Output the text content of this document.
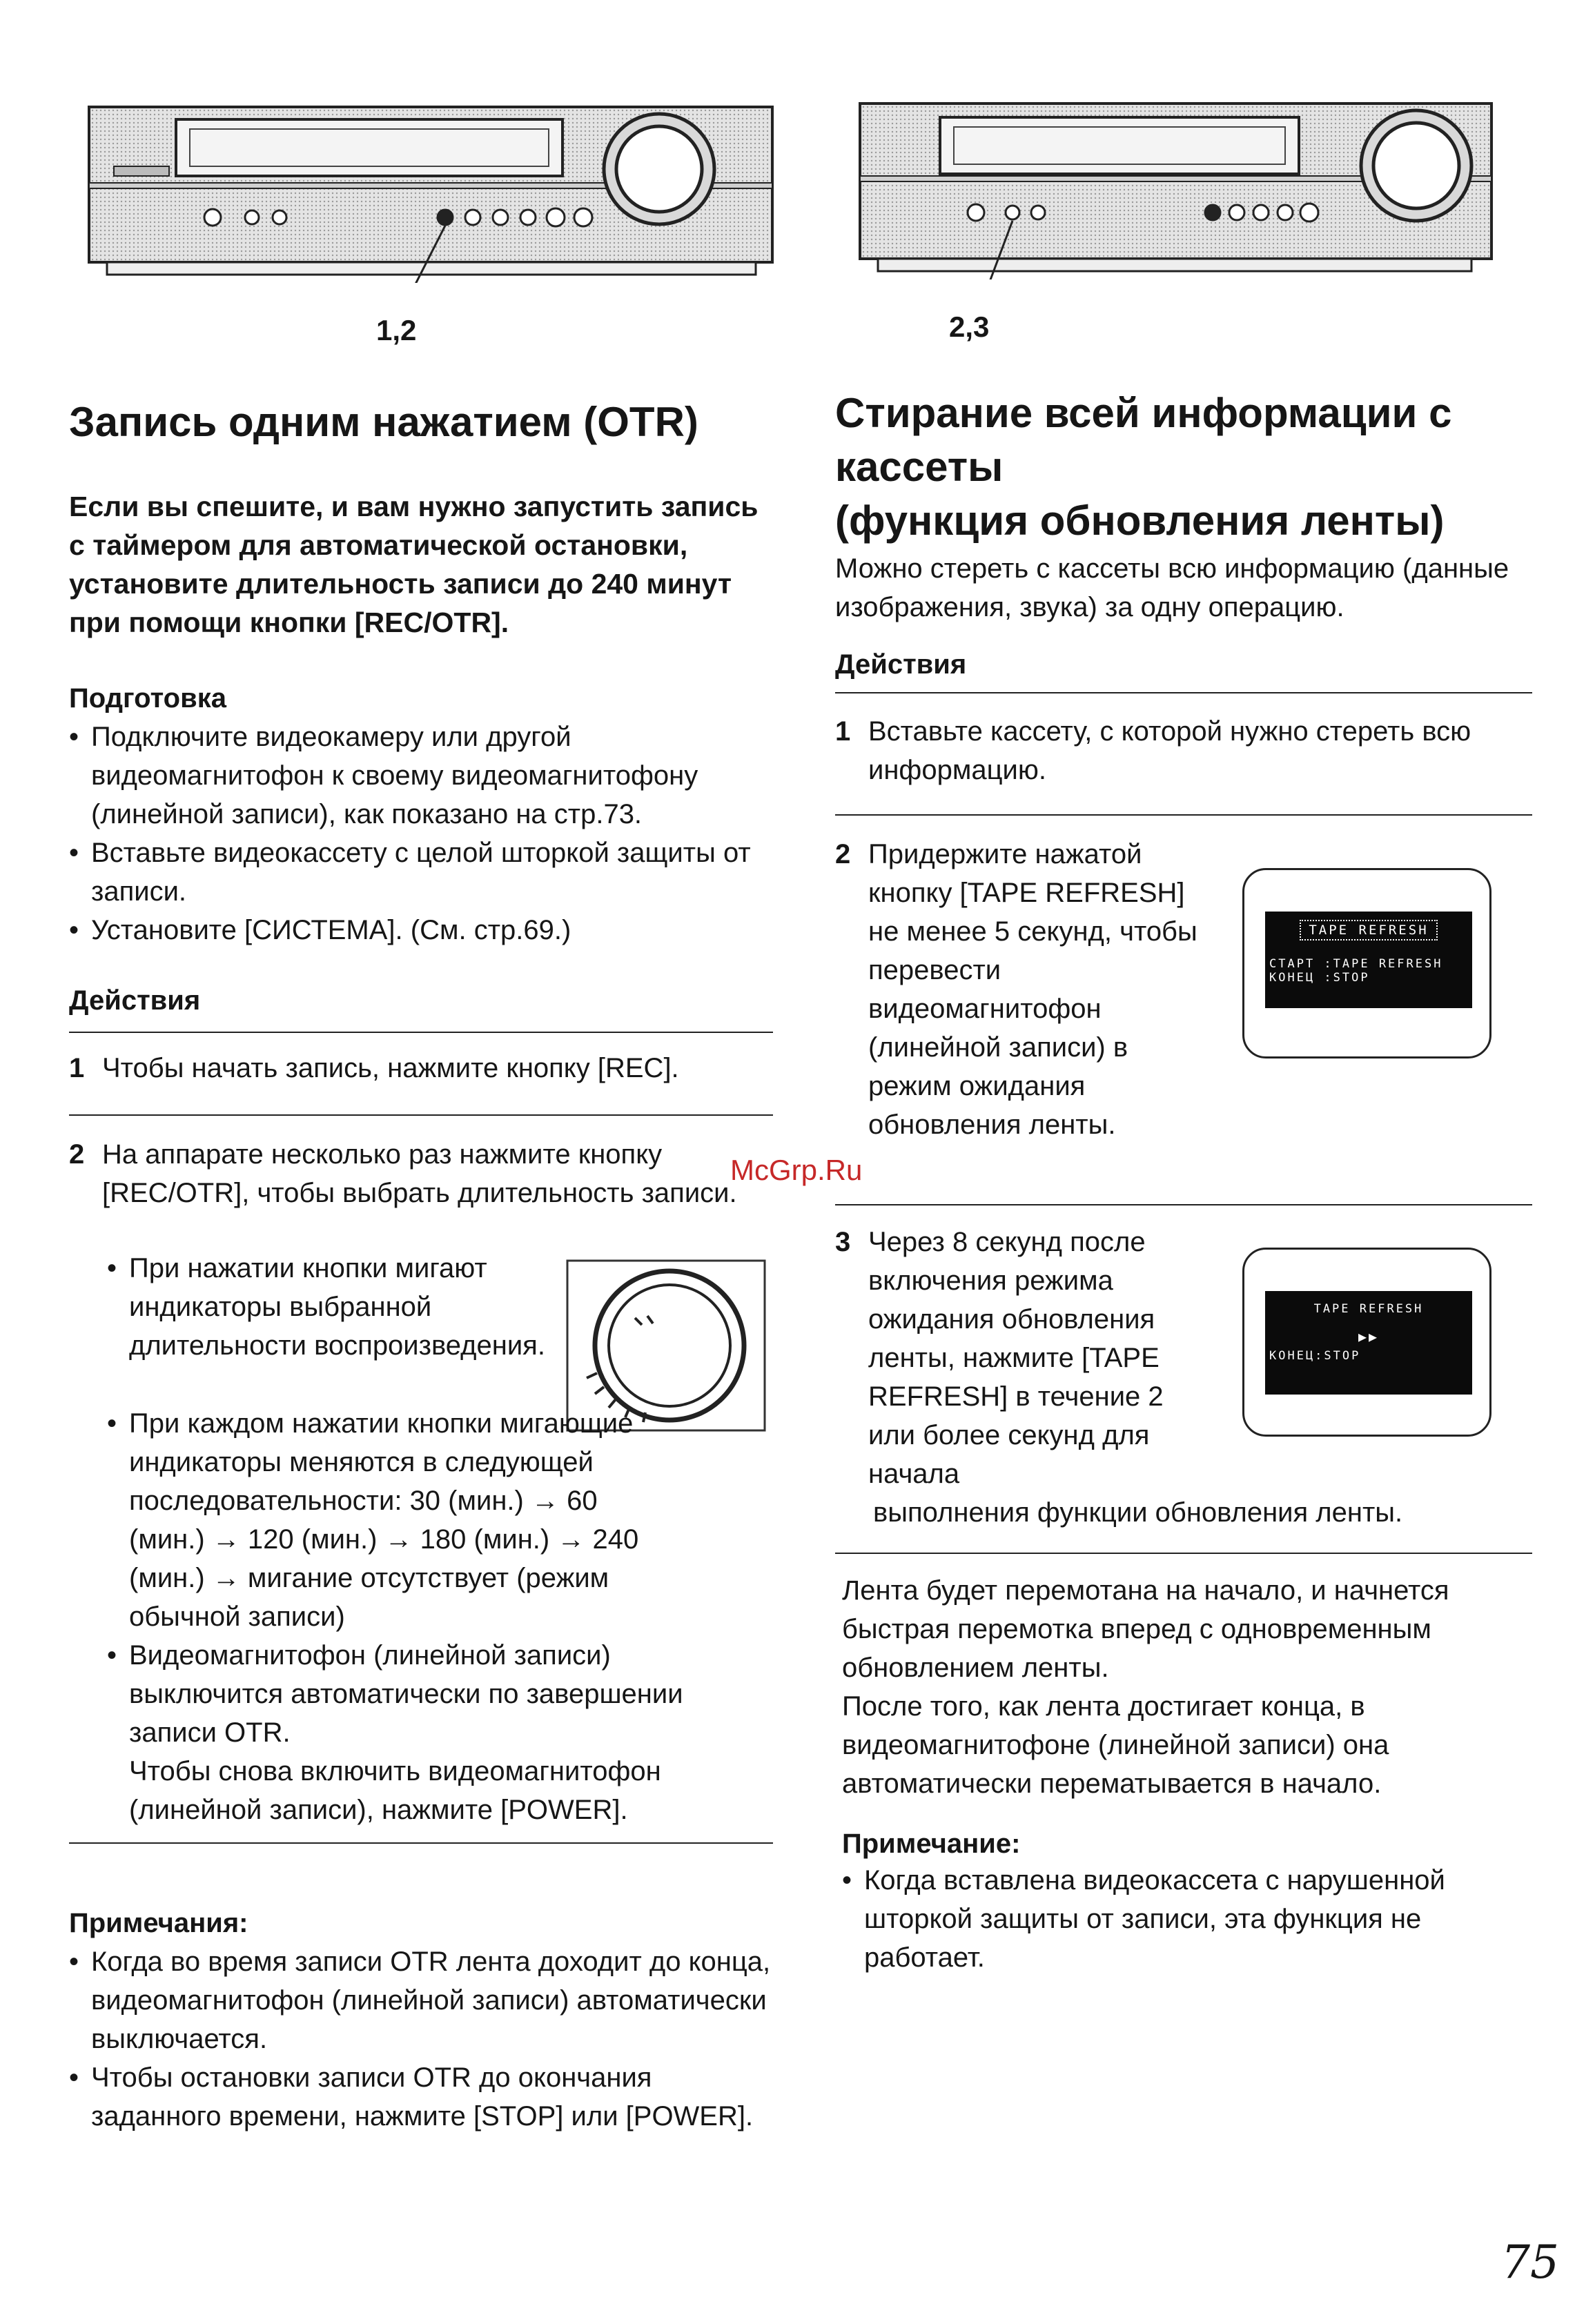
1,2	2,3
Запись одним нажатием (OTR)

Если вы спешите, и вам нужно запустить запись с таймером для автоматической остановки, установите длительность записи до 240 минут при помощи кнопки [REC/OTR].

Подготовка
• Подключите видеокамеру или другой видеомагнитофон к своему видеомагнитофону (линейной записи), как показано на стр.73.
• Вставьте видеокассету с целой шторкой защиты от записи.
• Установите [СИСТЕМА]. (См. стр.69.)
Действия
1 Чтобы начать запись, нажмите кнопку [REC].

2 На аппарате несколько раз нажмите кнопку [REC/OTR], чтобы выбрать длительность записи.

• При нажатии кнопки мигают индикаторы выбранной длительности воспроизведения.
• При каждом нажатии кнопки мигающие индикаторы меняются в следующей последовательности: 30 (мин.) → 60 (мин.) → 120 (мин.) → 180 (мин.) → 240 (мин.) → мигание отсутствует (режим обычной записи)
• Видеомагнитофон (линейной записи) выключится автоматически по завершении записи OTR.
Чтобы снова включить видеомагнитофон (линейной записи), нажмите [POWER].
Примечания:
• Когда во время записи OTR лента доходит до конца, видеомагнитофон (линейной записи) автоматически выключается.
• Чтобы остановки записи OTR до окончания заданного времени, нажмите [STOP] или [POWER].
Стирание всей информации с
кассеты
(функция обновления ленты)

Можно стереть с кассеты всю информацию (данные изображения, звука) за одну операцию.

Действия
1 Вставьте кассету, с которой нужно стереть всю информацию.

2 Придержите нажатой кнопку [TAPE REFRESH] не менее 5 секунд, чтобы перевести видеомагнитофон (линейной записи) в режим ожидания обновления ленты.

TAPE REFRESH
СТАРТ :TAPE REFRESH
КОНЕЦ :STOP
3 Через 8 секунд после включения режима ожидания обновления ленты, нажмите [TAPE REFRESH] в течение 2 или более секунд для начала

выполнения функции обновления ленты.

TAPE REFRESH
▶▶
КОНЕЦ:STOP

Лента будет перемотана на начало, и начнется быстрая перемотка вперед с одновременным обновлением ленты.

После того, как лента достигает конца, в видеомагнитофоне (линейной записи) она автоматически перематывается в начало.

Примечание:
• Когда вставлена видеокассета с нарушенной шторкой защиты от записи, эта функция не работает.
McGrp.Ru
75
